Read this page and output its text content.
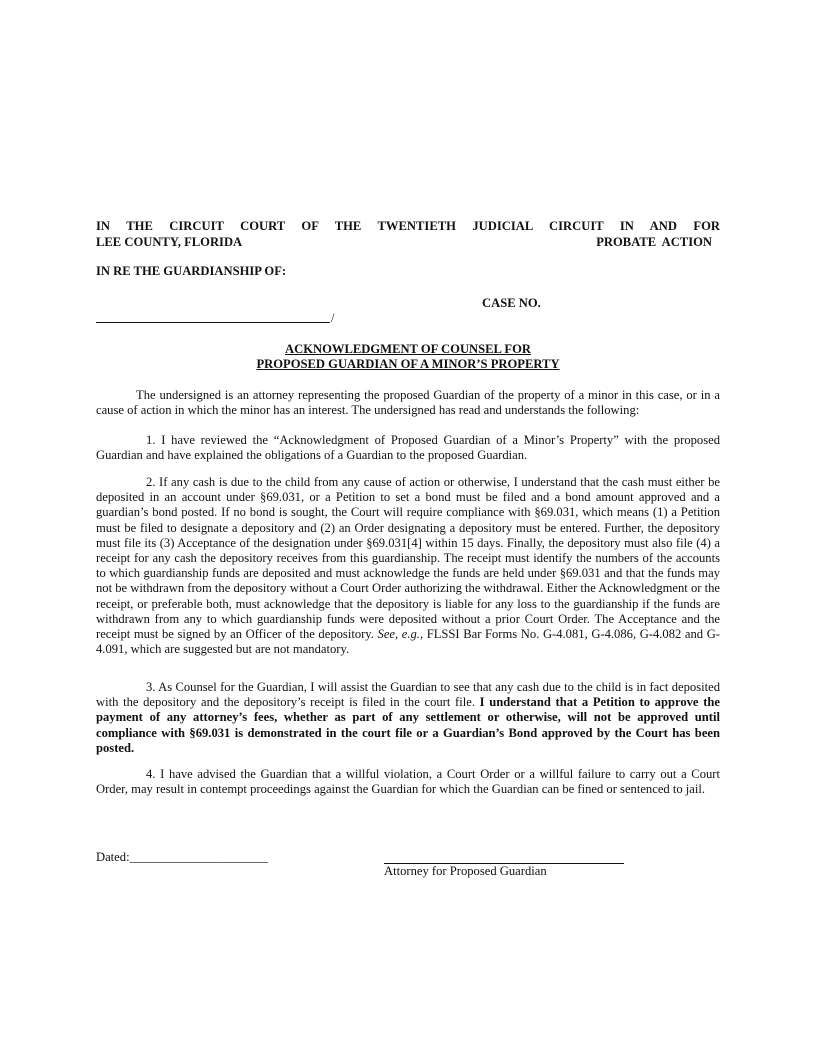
IN THE CIRCUIT COURT OF THE TWENTIETH JUDICIAL CIRCUIT IN AND FOR
LEE COUNTY, FLORIDA	PROBATE ACTION
IN RE THE GUARDIANSHIP OF:
CASE NO.
/
ACKNOWLEDGMENT OF COUNSEL FOR
PROPOSED GUARDIAN OF A MINOR’S PROPERTY
The undersigned is an attorney representing the proposed Guardian of the property of a minor in this case, or in a cause of action in which the minor has an interest. The undersigned has read and understands the following:
1. I have reviewed the “Acknowledgment of Proposed Guardian of a Minor’s Property” with the proposed Guardian and have explained the obligations of a Guardian to the proposed Guardian.
2. If any cash is due to the child from any cause of action or otherwise, I understand that the cash must either be deposited in an account under §69.031, or a Petition to set a bond must be filed and a bond amount approved and a guardian’s bond posted. If no bond is sought, the Court will require compliance with §69.031, which means (1) a Petition must be filed to designate a depository and (2) an Order designating a depository must be entered. Further, the depository must file its (3) Acceptance of the designation under §69.031[4] within 15 days. Finally, the depository must also file (4) a receipt for any cash the depository receives from this guardianship. The receipt must identify the numbers of the accounts to which guardianship funds are deposited and must acknowledge the funds are held under §69.031 and that the funds may not be withdrawn from the depository without a Court Order authorizing the withdrawal. Either the Acknowledgment or the receipt, or preferable both, must acknowledge that the depository is liable for any loss to the guardianship if the funds are withdrawn from any to which guardianship funds were deposited without a prior Court Order. The Acceptance and the receipt must be signed by an Officer of the depository. See, e.g., FLSSI Bar Forms No. G-4.081, G-4.086, G-4.082 and G-4.091, which are suggested but are not mandatory.
3. As Counsel for the Guardian, I will assist the Guardian to see that any cash due to the child is in fact deposited with the depository and the depository’s receipt is filed in the court file. I understand that a Petition to approve the payment of any attorney’s fees, whether as part of any settlement or otherwise, will not be approved until compliance with §69.031 is demonstrated in the court file or a Guardian’s Bond approved by the Court has been posted.
4. I have advised the Guardian that a willful violation, a Court Order or a willful failure to carry out a Court Order, may result in contempt proceedings against the Guardian for which the Guardian can be fined or sentenced to jail.
Dated:______________________
Attorney for Proposed Guardian
